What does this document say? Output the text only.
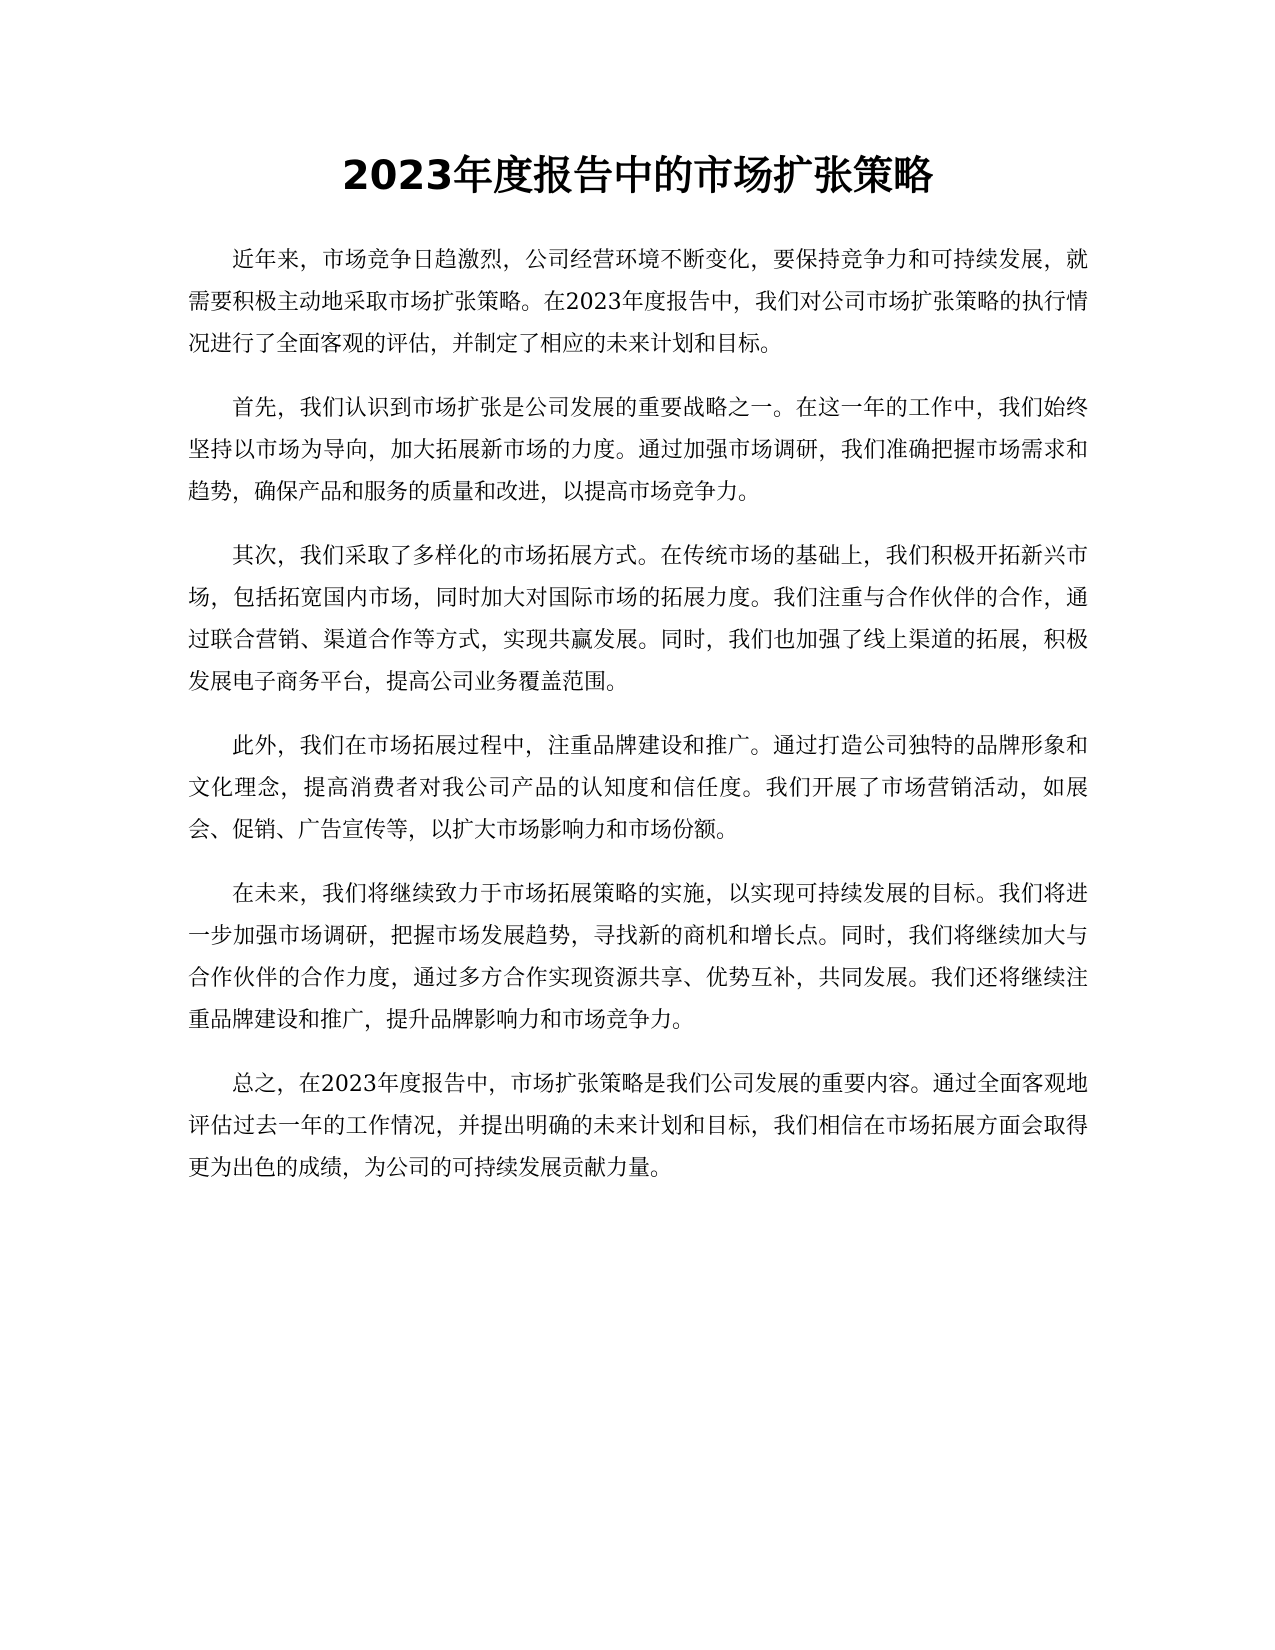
2023年度报告中的市场扩张策略

近年来，市场竞争日趋激烈，公司经营环境不断变化，要保持竞争力和可持续发展，就需要积极主动地采取市场扩张策略。在2023年度报告中，我们对公司市场扩张策略的执行情况进行了全面客观的评估，并制定了相应的未来计划和目标。

首先，我们认识到市场扩张是公司发展的重要战略之一。在这一年的工作中，我们始终坚持以市场为导向，加大拓展新市场的力度。通过加强市场调研，我们准确把握市场需求和趋势，确保产品和服务的质量和改进，以提高市场竞争力。

其次，我们采取了多样化的市场拓展方式。在传统市场的基础上，我们积极开拓新兴市场，包括拓宽国内市场，同时加大对国际市场的拓展力度。我们注重与合作伙伴的合作，通过联合营销、渠道合作等方式，实现共赢发展。同时，我们也加强了线上渠道的拓展，积极发展电子商务平台，提高公司业务覆盖范围。

此外，我们在市场拓展过程中，注重品牌建设和推广。通过打造公司独特的品牌形象和文化理念，提高消费者对我公司产品的认知度和信任度。我们开展了市场营销活动，如展会、促销、广告宣传等，以扩大市场影响力和市场份额。

在未来，我们将继续致力于市场拓展策略的实施，以实现可持续发展的目标。我们将进一步加强市场调研，把握市场发展趋势，寻找新的商机和增长点。同时，我们将继续加大与合作伙伴的合作力度，通过多方合作实现资源共享、优势互补，共同发展。我们还将继续注重品牌建设和推广，提升品牌影响力和市场竞争力。

总之，在2023年度报告中，市场扩张策略是我们公司发展的重要内容。通过全面客观地评估过去一年的工作情况，并提出明确的未来计划和目标，我们相信在市场拓展方面会取得更为出色的成绩，为公司的可持续发展贡献力量。
